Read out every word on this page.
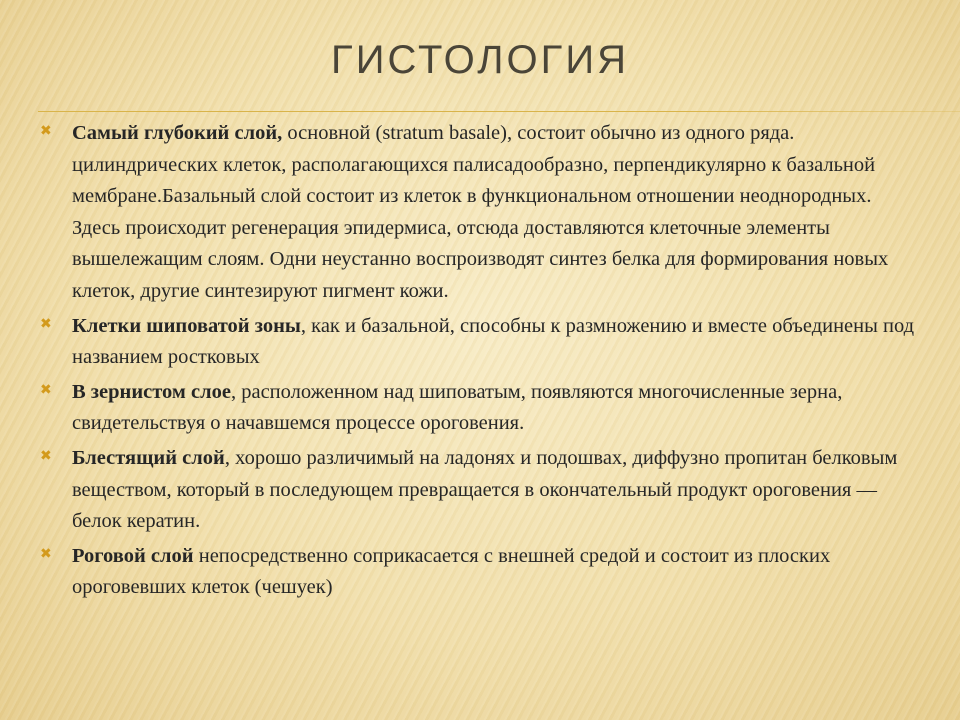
ГИСТОЛОГИЯ
✖ Самый глубокий слой, основной (stratum basale), состоит обычно из одного ряда. цилиндрических клеток, располагающихся палисадообразно, перпендикулярно к базальной мембране.Базальный слой состоит из клеток в функциональном отношении неоднородных. Здесь происходит регенерация эпидермиса, отсюда доставляются клеточные элементы вышележащим слоям. Одни неустанно воспроизводят синтез белка для формирования новых клеток, другие синтезируют пигмент кожи.
✖ Клетки шиповатой зоны, как и базальной, способны к размножению и вместе объединены под названием ростковых
✖ В зернистом слое, расположенном над шиповатым, появляются многочисленные зерна, свидетельствуя о начавшемся процессе ороговения.
✖ Блестящий слой, хорошо различимый на ладонях и подошвах, диффузно пропитан белковым веществом, который в последующем превращается в окончательный продукт ороговения — белок кератин.
✖ Роговой слой непосредственно соприкасается с внешней средой и состоит из плоских ороговевших клеток (чешуек)
